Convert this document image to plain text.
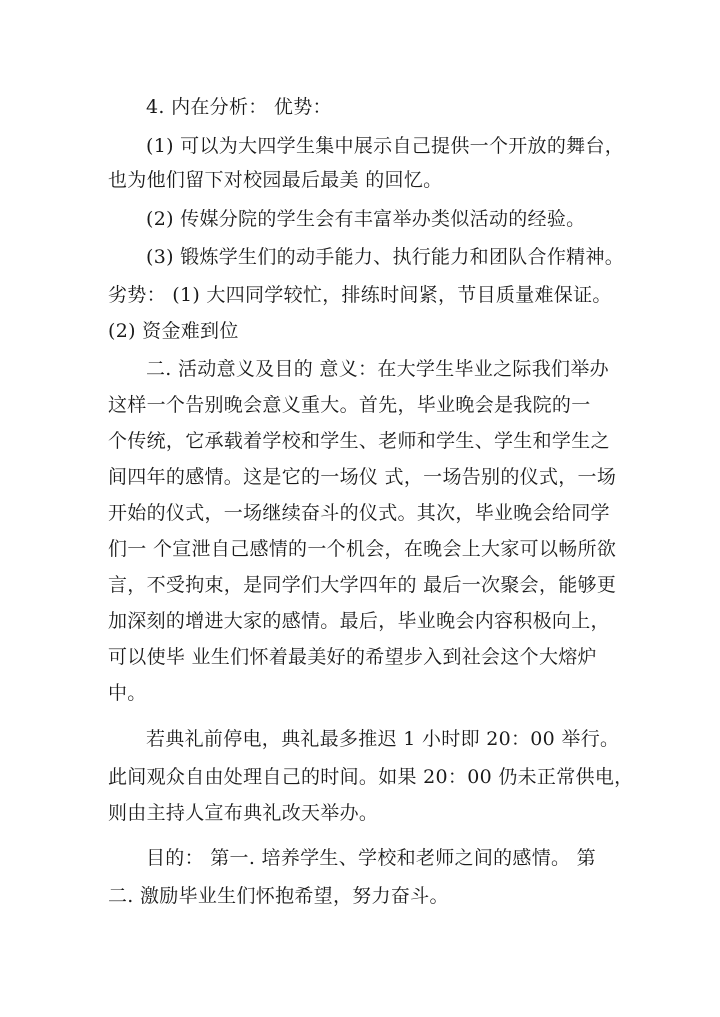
4. 内在分析： 优势：
(1) 可以为大四学生集中展示自己提供一个开放的舞台，
也为他们留下对校园最后最美 的回忆。
(2) 传媒分院的学生会有丰富举办类似活动的经验。
(3) 锻炼学生们的动手能力、执行能力和团队合作精神。
劣势： (1) 大四同学较忙，排练时间紧，节目质量难保证。
(2) 资金难到位
二. 活动意义及目的 意义：在大学生毕业之际我们举办
这样一个告别晚会意义重大。首先，毕业晚会是我院的一
个传统，它承载着学校和学生、老师和学生、学生和学生之
间四年的感情。这是它的一场仪 式，一场告别的仪式，一场
开始的仪式，一场继续奋斗的仪式。其次，毕业晚会给同学
们一 个宣泄自己感情的一个机会，在晚会上大家可以畅所欲
言，不受拘束，是同学们大学四年的 最后一次聚会，能够更
加深刻的增进大家的感情。最后，毕业晚会内容积极向上，
可以使毕 业生们怀着最美好的希望步入到社会这个大熔炉
中。
若典礼前停电，典礼最多推迟 1 小时即 20：00 举行。
此间观众自由处理自己的时间。如果 20：00 仍未正常供电，
则由主持人宣布典礼改天举办。
目的： 第一. 培养学生、学校和老师之间的感情。 第
二. 激励毕业生们怀抱希望，努力奋斗。
